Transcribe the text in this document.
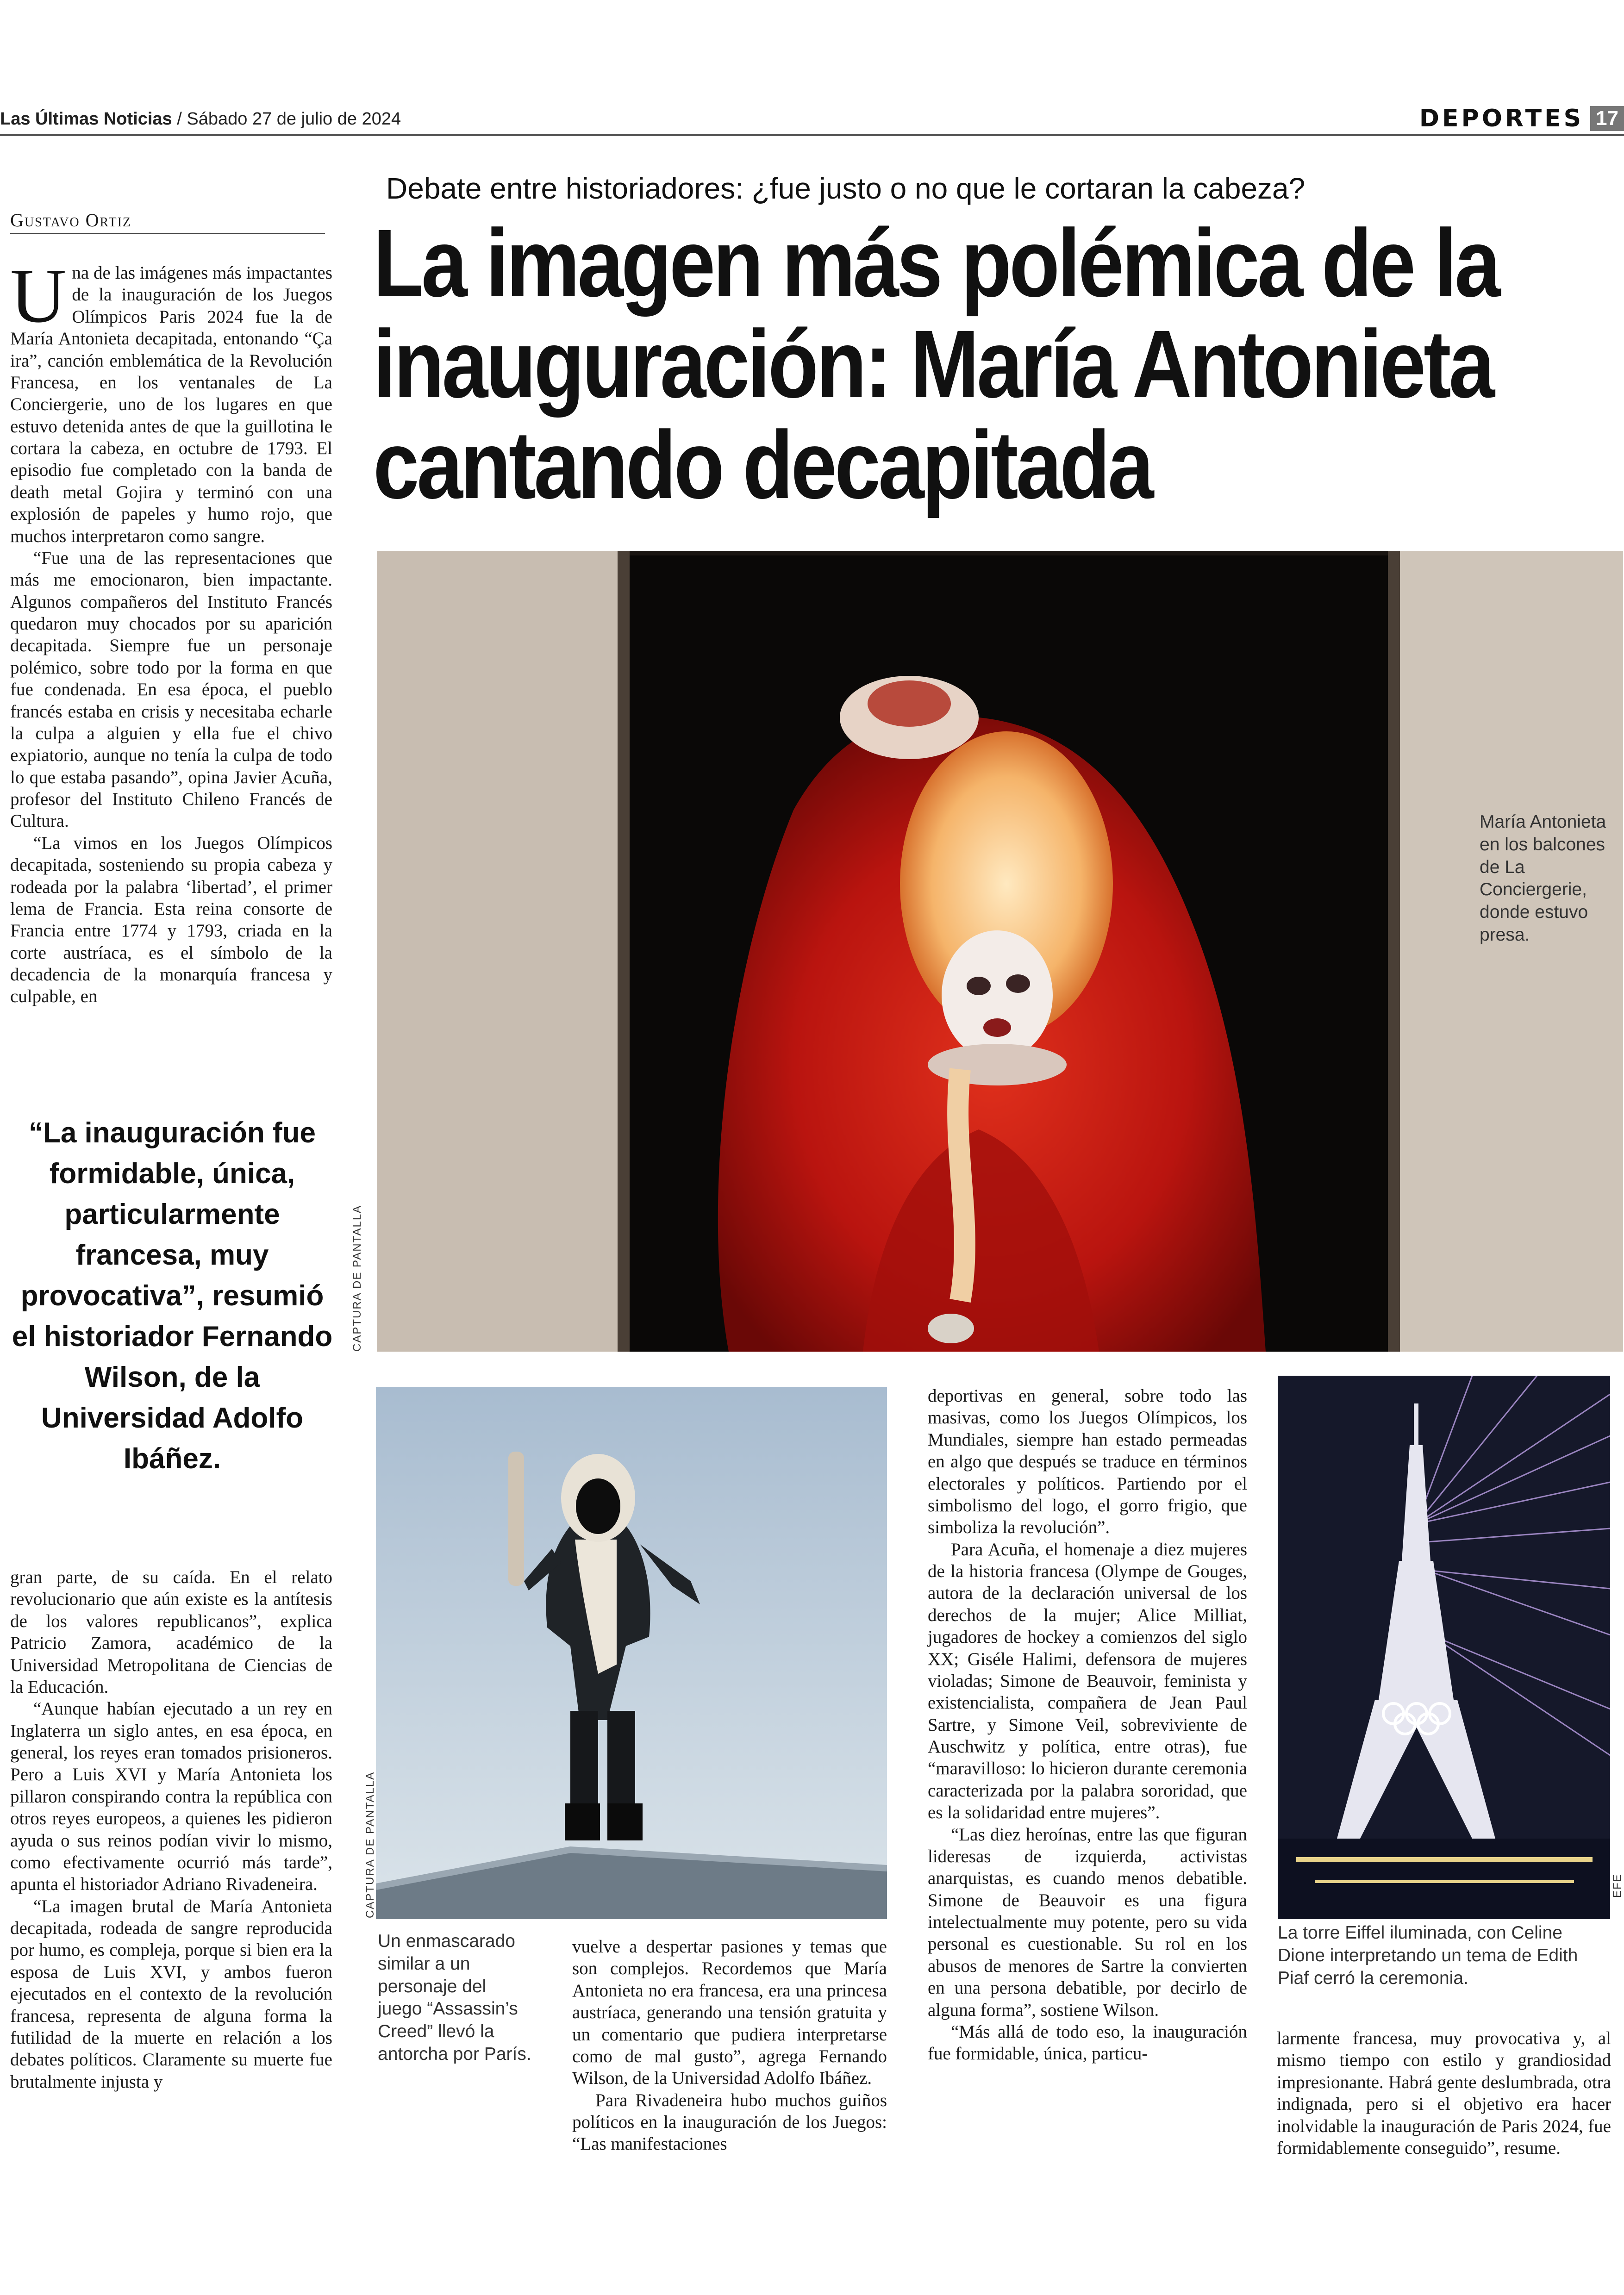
Las Últimas Noticias / Sábado 27 de julio de 2024	DEPORTES 17
Gustavo Ortiz
U na de las imágenes más impactantes de la inauguración de los Juegos Olímpicos Paris 2024 fue la de María Antonieta decapitada, entonando “Ça ira”, canción emblemática de la Revolución Francesa, en los ventanales de La Conciergerie, uno de los lugares en que estuvo detenida antes de que la guillotina le cortara la cabeza, en octubre de 1793. El episodio fue completado con la banda de death metal Gojira y terminó con una explosión de papeles y humo rojo, que muchos interpretaron como sangre.

“Fue una de las representaciones que más me emocionaron, bien impactante. Algunos compañeros del Instituto Francés quedaron muy chocados por su aparición decapitada. Siempre fue un personaje polémico, sobre todo por la forma en que fue condenada. En esa época, el pueblo francés estaba en crisis y necesitaba echarle la culpa a alguien y ella fue el chivo expiatorio, aunque no tenía la culpa de todo lo que estaba pasando”, opina Javier Acuña, profesor del Instituto Chileno Francés de Cultura.

“La vimos en los Juegos Olímpicos decapitada, sosteniendo su propia cabeza y rodeada por la palabra ‘libertad’, el primer lema de Francia. Esta reina consorte de Francia entre 1774 y 1793, criada en la corte austríaca, es el símbolo de la decadencia de la monarquía francesa y culpable, en

“La inauguración fue formidable, única, particularmente francesa, muy provocativa”, resumió el historiador Fernando Wilson, de la Universidad Adolfo Ibáñez.

gran parte, de su caída. En el relato revolucionario que aún existe es la antítesis de los valores republicanos”, explica Patricio Zamora, académico de la Universidad Metropolitana de Ciencias de la Educación.

“Aunque habían ejecutado a un rey en Inglaterra un siglo antes, en esa época, en general, los reyes eran tomados prisioneros. Pero a Luis XVI y María Antonieta los pillaron conspirando contra la república con otros reyes europeos, a quienes les pidieron ayuda o sus reinos podían vivir lo mismo, como efectivamente ocurrió más tarde”, apunta el historiador Adriano Rivadeneira.

“La imagen brutal de María Antonieta decapitada, rodeada de sangre reproducida por humo, es compleja, porque si bien era la esposa de Luis XVI, y ambos fueron ejecutados en el contexto de la revolución francesa, representa de alguna forma la futilidad de la muerte en relación a los debates políticos. Claramente su muerte fue brutalmente injusta y

Debate entre historiadores: ¿fue justo o no que le cortaran la cabeza?
La imagen más polémica de la
inauguración: María Antonieta
cantando decapitada
CAPTURA DE PANTALLA
María Antonieta en los balcones de La Conciergerie, donde estuvo presa.
CAPTURA DE PANTALLA
Un enmascarado similar a un personaje del juego “Assassin’s Creed” llevó la antorcha por París.

vuelve a despertar pasiones y temas que son complejos. Recordemos que María Antonieta no era francesa, era una princesa austríaca, generando una tensión gratuita y un comentario que pudiera interpretarse como de mal gusto”, agrega Fernando Wilson, de la Universidad Adolfo Ibáñez.

Para Rivadeneira hubo muchos guiños políticos en la inauguración de los Juegos: “Las manifestaciones

deportivas en general, sobre todo las masivas, como los Juegos Olímpicos, los Mundiales, siempre han estado permeadas en algo que después se traduce en términos electorales y políticos. Partiendo por el simbolismo del logo, el gorro frigio, que simboliza la revolución”.

Para Acuña, el homenaje a diez mujeres de la historia francesa (Olympe de Gouges, autora de la declaración universal de los derechos de la mujer; Alice Milliat, jugadores de hockey a comienzos del siglo XX; Giséle Halimi, defensora de mujeres violadas; Simone de Beauvoir, feminista y existencialista, compañera de Jean Paul Sartre, y Simone Veil, sobreviviente de Auschwitz y política, entre otras), fue “maravilloso: lo hicieron durante ceremonia caracterizada por la palabra sororidad, que es la solidaridad entre mujeres”.

“Las diez heroínas, entre las que figuran lideresas de izquierda, activistas anarquistas, es cuando menos debatible. Simone de Beauvoir es una figura intelectualmente muy potente, pero su vida personal es cuestionable. Su rol en los abusos de menores de Sartre la convierten en una persona debatible, por decirlo de alguna forma”, sostiene Wilson.

“Más allá de todo eso, la inauguración fue formidable, única, particu-

EFE
La torre Eiffel iluminada, con Celine Dione interpretando un tema de Edith Piaf cerró la ceremonia.

larmente francesa, muy provocativa y, al mismo tiempo con estilo y grandiosidad impresionante. Habrá gente deslumbrada, otra indignada, pero si el objetivo era hacer inolvidable la inauguración de Paris 2024, fue formidablemente conseguido”, resume.
